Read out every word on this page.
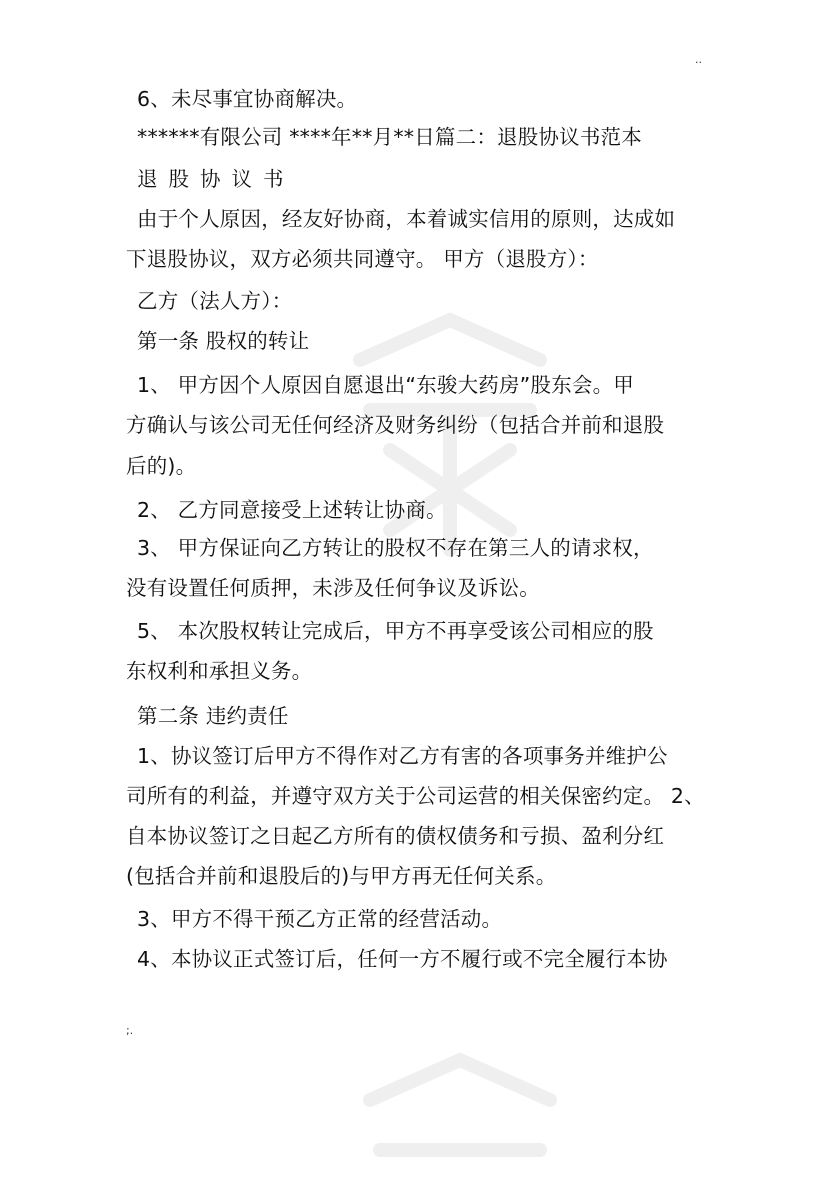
..
6、未尽事宜协商解决。
******有限公司 ****年**月**日篇二：退股协议书范本
退股协议书
由于个人原因，经友好协商，本着诚实信用的原则，达成如
下退股协议，双方必须共同遵守。 甲方（退股方）：
乙方（法人方）：
第一条 股权的转让
1、 甲方因个人原因自愿退出“东骏大药房”股东会。甲
方确认与该公司无任何经济及财务纠纷（包括合并前和退股
后的)。
2、 乙方同意接受上述转让协商。
3、 甲方保证向乙方转让的股权不存在第三人的请求权，
没有设置任何质押，未涉及任何争议及诉讼。
5、 本次股权转让完成后，甲方不再享受该公司相应的股
东权利和承担义务。
第二条 违约责任
1、协议签订后甲方不得作对乙方有害的各项事务并维护公
司所有的利益，并遵守双方关于公司运营的相关保密约定。 2、
自本协议签订之日起乙方所有的债权债务和亏损、盈利分红
(包括合并前和退股后的)与甲方再无任何关系。
3、甲方不得干预乙方正常的经营活动。
4、本协议正式签订后，任何一方不履行或不完全履行本协
;.
